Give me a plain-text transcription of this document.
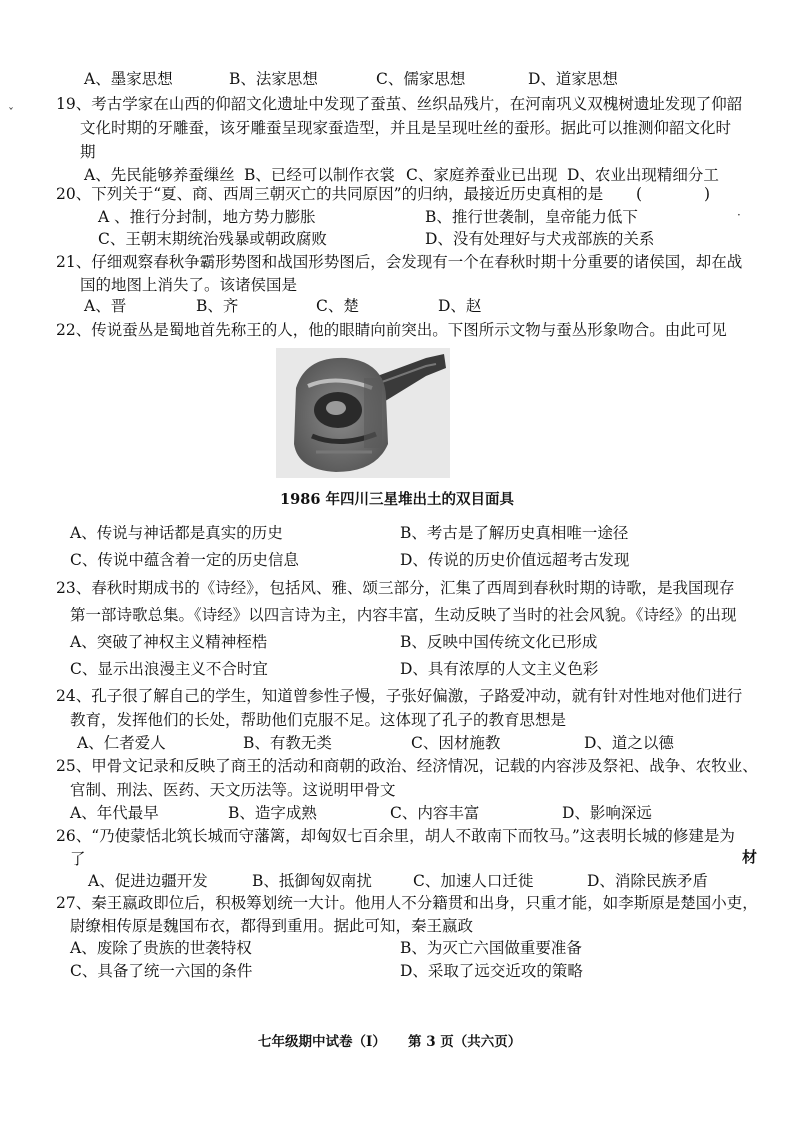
ˇ
A、墨家思想	B、法家思想	C、儒家思想	D、道家思想
19、考古学家在山西的仰韶文化遗址中发现了蚕茧、丝织品残片，在河南巩义双槐树遗址发现了仰韶
文化时期的牙雕蚕，该牙雕蚕呈现家蚕造型，并且是呈现吐丝的蚕形。据此可以推测仰韶文化时
期
A、先民能够养蚕缫丝 B、已经可以制作衣裳 C、家庭养蚕业已出现 D、农业出现精细分工
20、下列关于“夏、商、西周三朝灭亡的共同原因”的归纳，最接近历史真相的是 (　　　　)
A 、推行分封制，地方势力膨胀	B、推行世袭制，皇帝能力低下
C、王朝末期统治残暴或朝政腐败	D、没有处理好与犬戎部族的关系
·
21、仔细观察春秋争霸形势图和战国形势图后，会发现有一个在春秋时期十分重要的诸侯国，却在战
国的地图上消失了。该诸侯国是
A、晋	B、齐	C、楚	D、赵
22、传说蚕丛是蜀地首先称王的人，他的眼睛向前突出。下图所示文物与蚕丛形象吻合。由此可见
1986 年四川三星堆出土的双目面具
A、传说与神话都是真实的历史	B、考古是了解历史真相唯一途径
C、传说中蕴含着一定的历史信息	D、传说的历史价值远超考古发现
23、春秋时期成书的《诗经》，包括风、雅、颂三部分，汇集了西周到春秋时期的诗歌，是我国现存
第一部诗歌总集。《诗经》以四言诗为主，内容丰富，生动反映了当时的社会风貌。《诗经》的出现
A、突破了神权主义精神桎梏	B、反映中国传统文化已形成
C、显示出浪漫主义不合时宜	D、具有浓厚的人文主义色彩
24、孔子很了解自己的学生，知道曾参性子慢，子张好偏激，子路爱冲动，就有针对性地对他们进行
教育，发挥他们的长处，帮助他们克服不足。这体现了孔子的教育思想是
A、仁者爱人	B、有教无类	C、因材施教	D、道之以德
25、甲骨文记录和反映了商王的活动和商朝的政治、经济情况，记载的内容涉及祭祀、战争、农牧业、
官制、刑法、医药、天文历法等。这说明甲骨文
A、年代最早	B、造字成熟	C、内容丰富	D、影响深远
26、“乃使蒙恬北筑长城而守藩篱，却匈奴七百余里，胡人不敢南下而牧马。”这表明长城的修建是为
了	材
A、促进边疆开发	B、抵御匈奴南扰	C、加速人口迁徙	D、消除民族矛盾
27、秦王嬴政即位后，积极筹划统一大计。他用人不分籍贯和出身，只重才能，如李斯原是楚国小吏，
尉缭相传原是魏国布衣，都得到重用。据此可知，秦王嬴政
A、废除了贵族的世袭特权	B、为灭亡六国做重要准备
C、具备了统一六国的条件	D、采取了远交近攻的策略
七年级期中试卷（I） 第 3 页（共六页）
